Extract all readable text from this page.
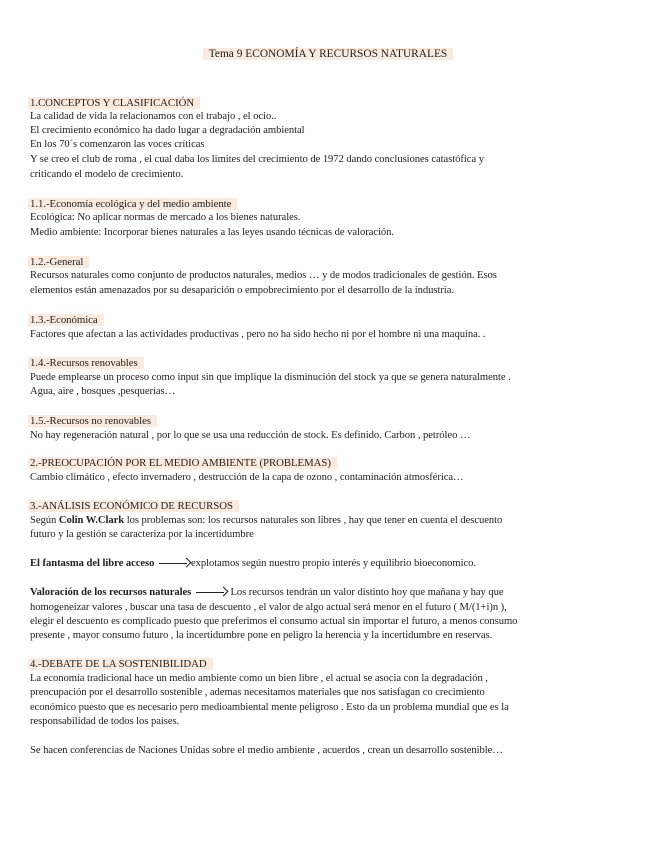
Tema 9 ECONOMÍA Y RECURSOS NATURALES
1.CONCEPTOS Y CLASIFICACIÓN
La calidad de vida la relacionamos con el trabajo , el ocio..
El crecimiento económico ha dado lugar a degradación ambiental
En los 70´s comenzaron las voces críticas
Y se creo el club de roma , el cual daba los limites del crecimiento de 1972 dando conclusiones catastófica y
criticando el modelo de crecimiento.
1.1.-Economía ecológica y del medio ambiente
Ecológica: No aplicar normas de mercado a los bienes naturales.
Medio ambiente: Incorporar bienes naturales a las leyes usando técnicas de valoración.
1.2.-General
Recursos naturales como conjunto de productos naturales, medios … y de modos tradicionales de gestión. Esos
elementos están amenazados por su desaparición o empobrecimiento por el desarrollo de la industria.
1.3.-Económica
Factores que afectan a las actividades productivas , pero no ha sido hecho ni por el hombre ni una maquina. .
1.4.-Recursos renovables
Puede emplearse un proceso como input sin que implique la disminución del stock ya que se genera naturalmente .
Agua, aire , bosques ,pesquerías…
1.5.-Recursos no renovables
No hay regeneración natural , por lo que se usa una reducción de stock. Es definido. Carbon , petróleo …
2.-PREOCUPACIÓN POR EL MEDIO AMBIENTE (PROBLEMAS)
Cambio climático , efecto invernadero , destrucción de la capa de ozono , contaminación atmosférica…
3.-ANÁLISIS ECONÓMICO DE RECURSOS
Según Colin W.Clark los problemas son: los recursos naturales son libres , hay que tener en cuenta el descuento
futuro y la gestión se caracteriza por la incertidumbre
El fantasma del libre acceso	explotamos según nuestro propio interés y equilibrio bioeconomico.
Valoración de los recursos naturales	Los recursos tendrán un valor distinto hoy que mañana y hay que
homogeneizar valores , buscar una tasa de descuento , el valor de algo actual será menor en el futuro ( M/(1+i)n ),
elegir el descuento es complicado puesto que preferimos el consumo actual sin importar el futuro, a menos consumo
presente , mayor consumo futuro , la incertidumbre pone en peligro la herencia y la incertidumbre en reservas.
4.-DEBATE DE LA SOSTENIBILIDAD
La economía tradicional hace un medio ambiente como un bien libre , el actual se asocia con la degradación ,
preocupación por el desarrollo sostenible , ademas necesitamos materiales que nos satisfagan co crecimiento
económico puesto que es necesario pero medioambiental mente peligroso . Esto da un problema mundial que es la
responsabilidad de todos los países.
Se hacen conferencias de Naciones Unidas sobre el medio ambiente , acuerdos , crean un desarrollo sostenible…
